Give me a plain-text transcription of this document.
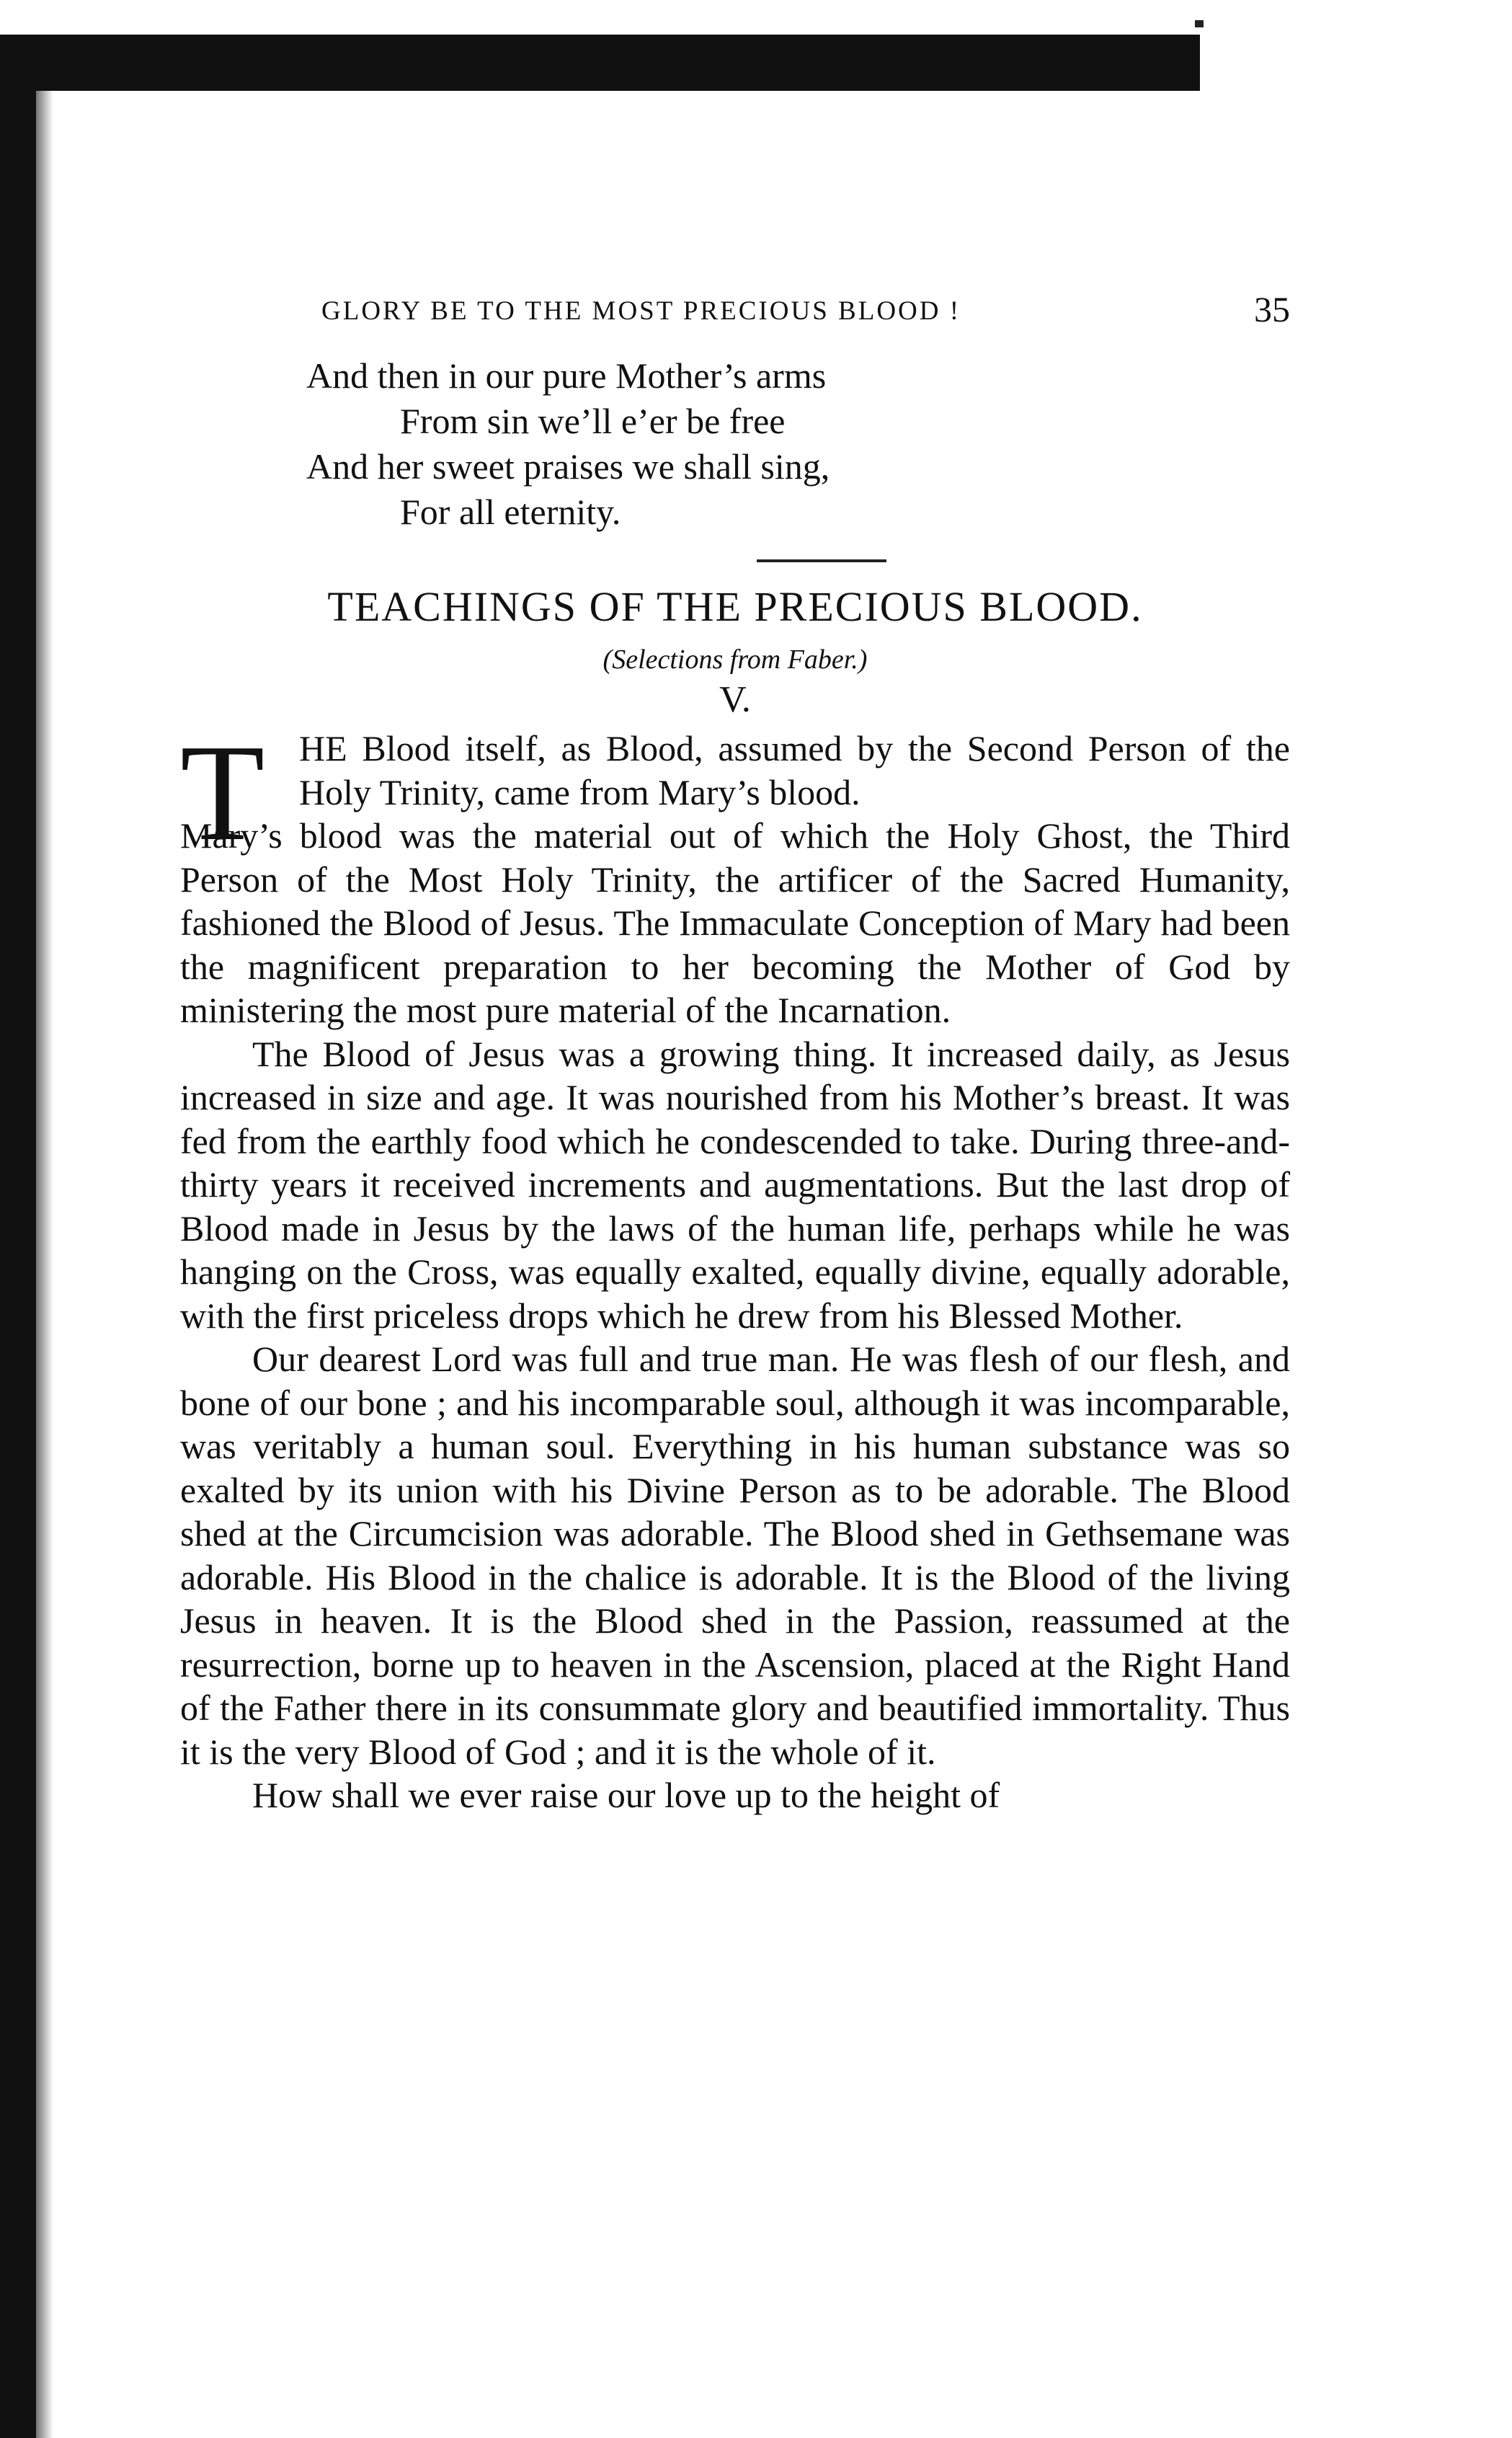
GLORY BE TO THE MOST PRECIOUS BLOOD !	35
And then in our pure Mother’s arms
From sin we’ll e’er be free
And her sweet praises we shall sing,
For all eternity.
TEACHINGS OF THE PRECIOUS BLOOD.
(Selections from Faber.)
V.
T HE Blood itself, as Blood, assumed by the Second Person of the Holy Trinity, came from Mary’s blood.

Mary’s blood was the material out of which the Holy Ghost, the Third Person of the Most Holy Trinity, the artificer of the Sacred Humanity, fashioned the Blood of Jesus. The Immaculate Conception of Mary had been the magnificent preparation to her becoming the Mother of God by ministering the most pure material of the Incarnation.

The Blood of Jesus was a growing thing. It increased daily, as Jesus increased in size and age. It was nourished from his Mother’s breast. It was fed from the earthly food which he condescended to take. During three-and-thirty years it received increments and augmentations. But the last drop of Blood made in Jesus by the laws of the human life, perhaps while he was hanging on the Cross, was equally exalted, equally divine, equally adorable, with the first priceless drops which he drew from his Blessed Mother.

Our dearest Lord was full and true man. He was flesh of our flesh, and bone of our bone ; and his incomparable soul, although it was incomparable, was veritably a human soul. Everything in his human substance was so exalted by its union with his Divine Person as to be adorable. The Blood shed at the Circumcision was adorable. The Blood shed in Gethsemane was adorable. His Blood in the chalice is adorable. It is the Blood of the living Jesus in heaven. It is the Blood shed in the Passion, reassumed at the resurrection, borne up to heaven in the Ascension, placed at the Right Hand of the Father there in its consummate glory and beautified immortality. Thus it is the very Blood of God ; and it is the whole of it.

How shall we ever raise our love up to the height of
